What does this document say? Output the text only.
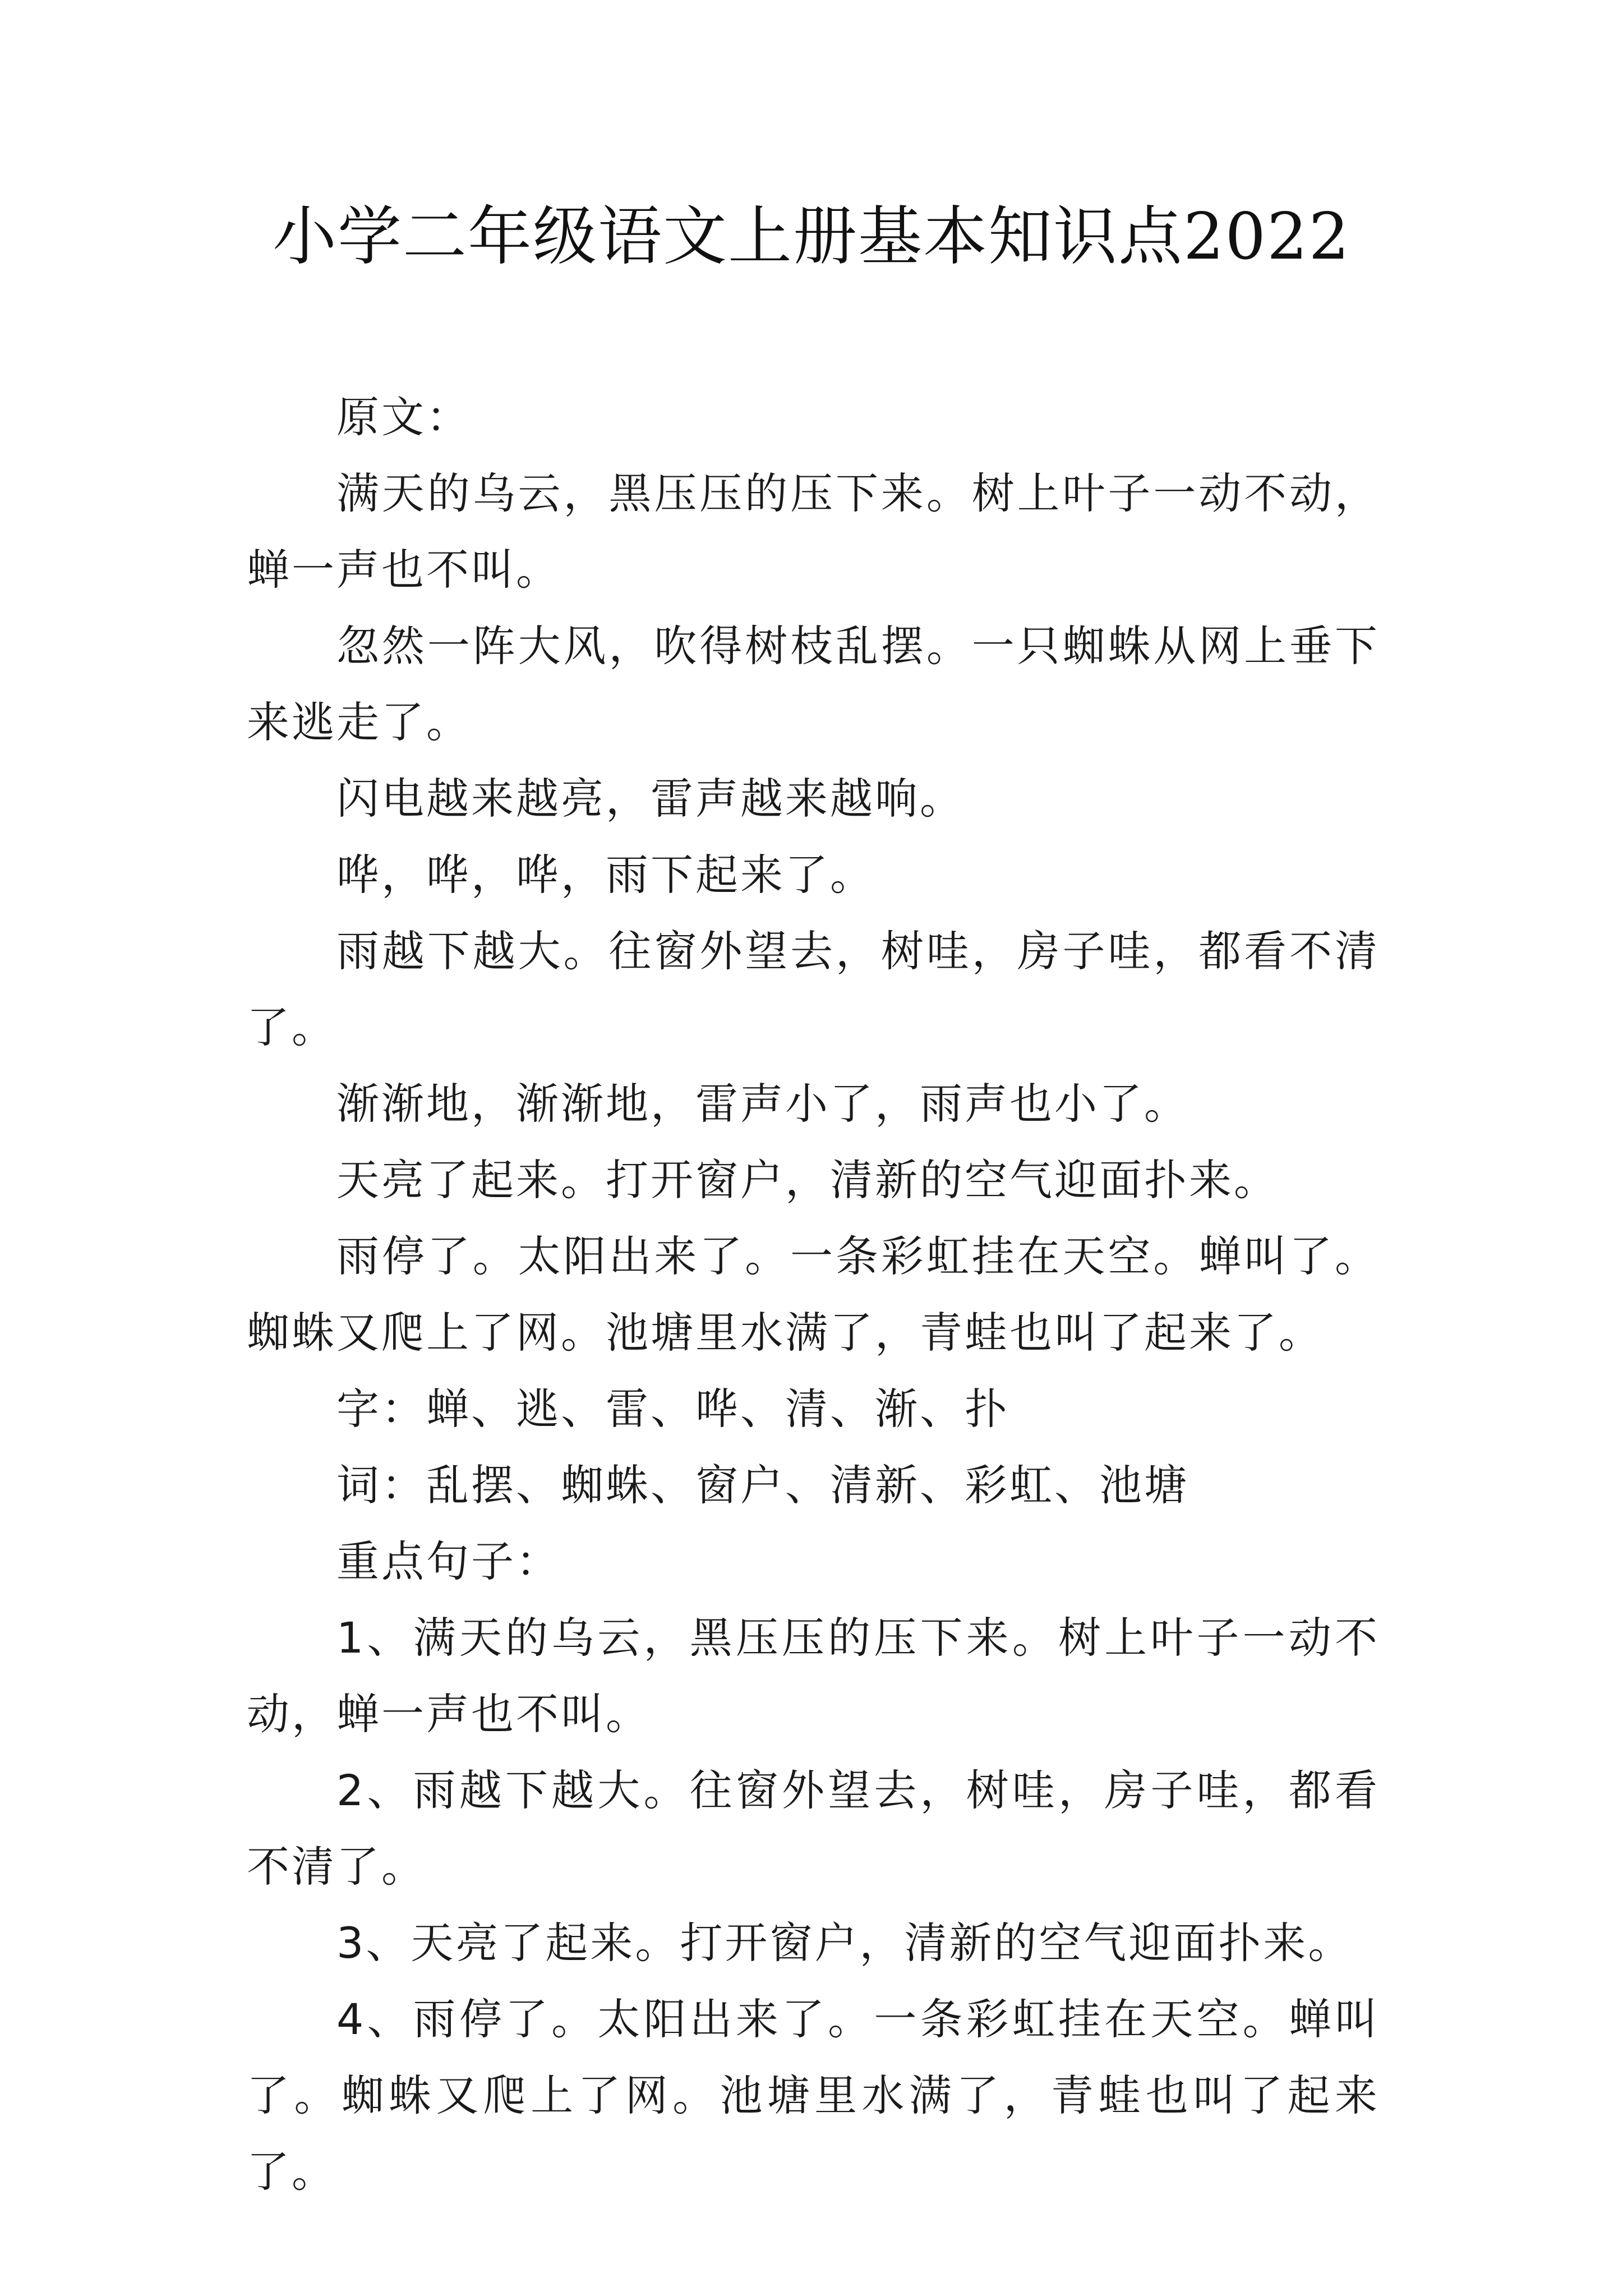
小学二年级语文上册基本知识点2022

原文：

满天的乌云，黑压压的压下来。树上叶子一动不动，蝉一声也不叫。

忽然一阵大风，吹得树枝乱摆。一只蜘蛛从网上垂下来逃走了。

闪电越来越亮，雷声越来越响。

哗，哗，哗，雨下起来了。

雨越下越大。往窗外望去，树哇，房子哇，都看不清了。

渐渐地，渐渐地，雷声小了，雨声也小了。

天亮了起来。打开窗户，清新的空气迎面扑来。

雨停了。太阳出来了。一条彩虹挂在天空。蝉叫了。蜘蛛又爬上了网。池塘里水满了，青蛙也叫了起来了。

字：蝉、逃、雷、哗、清、渐、扑

词：乱摆、蜘蛛、窗户、清新、彩虹、池塘

重点句子：

1、满天的乌云，黑压压的压下来。树上叶子一动不动，蝉一声也不叫。

2、雨越下越大。往窗外望去，树哇，房子哇，都看不清了。

3、天亮了起来。打开窗户，清新的空气迎面扑来。

4、雨停了。太阳出来了。一条彩虹挂在天空。蝉叫了。蜘蛛又爬上了网。池塘里水满了，青蛙也叫了起来了。
